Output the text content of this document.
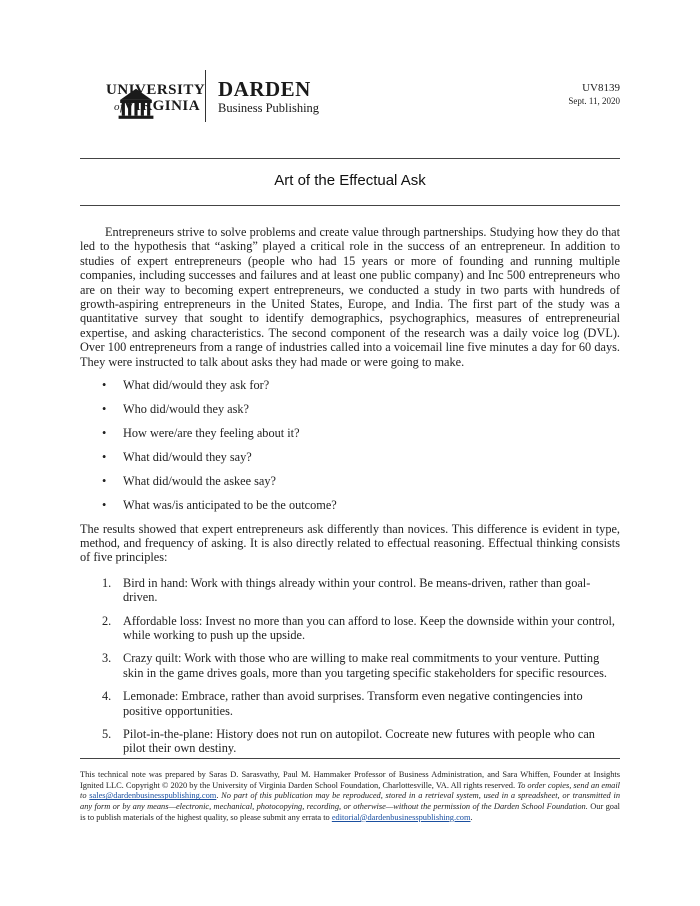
UNIVERSITY
ofVIRGINIA
DARDEN
Business Publishing
UV8139
Sept. 11, 2020
Art of the Effectual Ask

Entrepreneurs strive to solve problems and create value through partnerships. Studying how they do that led to the hypothesis that “asking” played a critical role in the success of an entrepreneur. In addition to studies of expert entrepreneurs (people who had 15 years or more of founding and running multiple companies, including successes and failures and at least one public company) and Inc 500 entrepreneurs who are on their way to becoming expert entrepreneurs, we conducted a study in two parts with hundreds of growth-aspiring entrepreneurs in the United States, Europe, and India. The first part of the study was a quantitative survey that sought to identify demographics, psychographics, measures of entrepreneurial expertise, and asking characteristics. The second component of the research was a daily voice log (DVL). Over 100 entrepreneurs from a range of industries called into a voicemail line five minutes a day for 60 days. They were instructed to talk about asks they had made or were going to make.

• What did/would they ask for?
• Who did/would they ask?
• How were/are they feeling about it?
• What did/would they say?
• What did/would the askee say?
• What was/is anticipated to be the outcome?

The results showed that expert entrepreneurs ask differently than novices. This difference is evident in type, method, and frequency of asking. It is also directly related to effectual reasoning. Effectual thinking consists of five principles:

1. Bird in hand: Work with things already within your control. Be means-driven, rather than goal-driven.
2. Affordable loss: Invest no more than you can afford to lose. Keep the downside within your control, while working to push up the upside.
3. Crazy quilt: Work with those who are willing to make real commitments to your venture. Putting skin in the game drives goals, more than you targeting specific stakeholders for specific resources.
4. Lemonade: Embrace, rather than avoid surprises. Transform even negative contingencies into positive opportunities.
5. Pilot-in-the-plane: History does not run on autopilot. Cocreate new futures with people who can pilot their own destiny.
This technical note was prepared by Saras D. Sarasvathy, Paul M. Hammaker Professor of Business Administration, and Sara Whiffen, Founder at Insights Ignited LLC. Copyright © 2020 by the University of Virginia Darden School Foundation, Charlottesville, VA. All rights reserved. To order copies, send an email to sales@dardenbusinesspublishing.com. No part of this publication may be reproduced, stored in a retrieval system, used in a spreadsheet, or transmitted in any form or by any means—electronic, mechanical, photocopying, recording, or otherwise—without the permission of the Darden School Foundation. Our goal is to publish materials of the highest quality, so please submit any errata to editorial@dardenbusinesspublishing.com.
